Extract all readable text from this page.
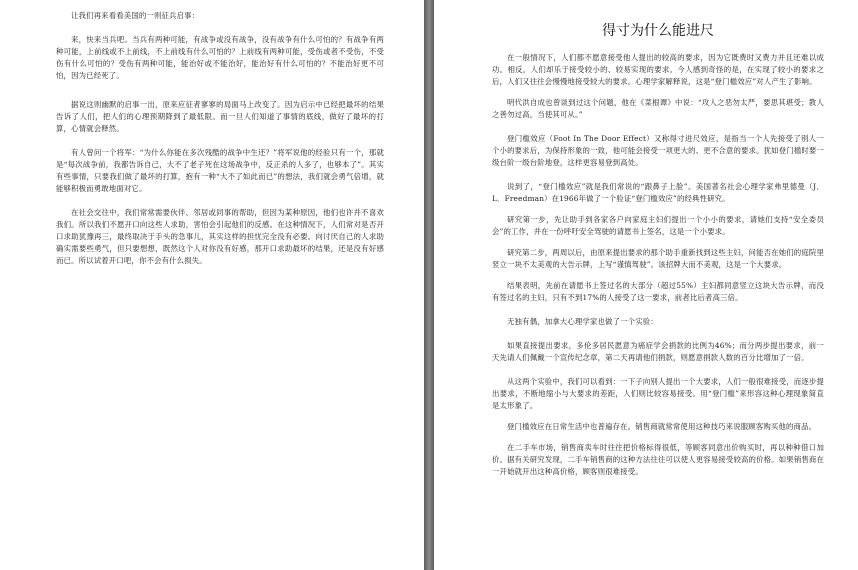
让我们再来看看美国的一则征兵启事：

来，快来当兵吧。当兵有两种可能，有战争或没有战争，没有战争有什么可怕的？有战争有两种可能，上前线或不上前线，不上前线有什么可怕的？上前线有两种可能，受伤或者不受伤，不受伤有什么可怕的？受伤有两种可能，能治好或不能治好，能治好有什么可怕的？不能治好更不可怕，因为已经死了。

据说这则幽默的启事一出，原来应征者寥寥的局面马上改变了。因为启示中已经把最坏的结果告诉了人们，把人们的心理预期降到了最低限。而一旦人们知道了事情的底线，做好了最坏的打算，心情就会释然。

有人曾问一个将军：“为什么你能在多次残酷的战争中生还？”将军说他的经验只有一个，那就是“每次战争前，我都告诉自己，大不了老子死在这场战争中，反正杀的人多了，也够本了”。其实有些事情，只要我们做了最坏的打算，抱有一种“大不了如此而已”的想法，我们就会勇气倍增，就能够积极而勇敢地面对它。

在社会交往中，我们常常需要伙伴、邻居或同事的帮助，但因为某种原因，他们也许并不喜欢我们。所以我们不愿开口向这些人求助，害怕会引起他们的反感。在这种情况下，人们常对是否开口求助犹豫再三，最终取决于手头的急事儿，其实这样的担忧完全没有必要。向讨厌自己的人求助确实需要些勇气，但只要想想，既然这个人对你没有好感，那开口求助最坏的结果，还是没有好感而已。所以试着开口吧，你不会有什么损失。

得寸为什么能进尺

在一般情况下，人们都不愿意接受他人提出的较高的要求，因为它既费时又费力并且还难以成功。相反，人们却乐于接受较小的、较易实现的要求。今人感到奇怪的是，在实现了较小的要求之后，人们又往往会慢慢地接受较大的要求。心理学家解释说，这是“登门槛效应”对人产生了影响。

明代洪自成也曾谈到过这个问题，他在《菜根谭》中说：“攻人之恶勿太严，要思其堪受；教人之善勿过高，当使其可从。”

登门槛效应（Foot In The Door Effect）又称得寸进尺效应，是指当一个人先接受了别人一个小的要求后，为保持形象的一致，他可能会接受一项更大的、更不合意的要求。犹如登门槛时要一级台阶一级台阶地登，这样更容易登到高处。

说到了，“登门槛效应”就是我们常说的“跟鼻子上脸”。美国著名社会心理学家弗里德曼（J．L．Freedman）在1966年做了一个验证“登门槛效应”的经典性研究。

研究第一步，先让助手到各家各户向家庭主妇们提出一个小小的要求，请她们支持“安全委员会”的工作，并在一份呼吁安全驾驶的请愿书上签名，这是一个小要求。

研究第二步，两周以后，由原来提出要求的那个助手重新找到这些主妇，问能否在她们的庭院里竖立一块不太美观的大告示牌，上写“谨慎驾驶”。该招牌大而不美观，这是一个大要求。

结果表明，先前在请愿书上签过名的大部分（超过55%）主妇都同意竖立这块大告示牌，而没有签过名的主妇，只有不到17%的人接受了这一要求，前者比后者高三倍。

无独有偶，加拿大心理学家也做了一个实验：

如果直接提出要求，多伦多居民愿意为癌症学会捐款的比例为46%；而分两步提出要求，前一天先请人们佩戴一个宣传纪念章，第二天再请他们捐款，则愿意捐款人数的百分比增加了一倍。

从这两个实验中，我们可以看到：一下子向别人提出一个大要求，人们一般很难接受，而逐步提出要求，不断地缩小与大要求的差距，人们则比较容易接受。用“登门槛”来形容这种心理现象简直是太形象了。

登门槛效应在日常生活中也普遍存在。销售商就常常使用这种技巧来说服顾客购买他的商品。

在二手车市场，销售商卖车时往往把价格标得很低，等顾客同意出价购买时，再以种种借口加价。据有关研究发现，二手车销售商的这种方法往往可以使人更容易接受较高的价格。如果销售商在一开始就开出这种高价格，顾客则很难接受。
